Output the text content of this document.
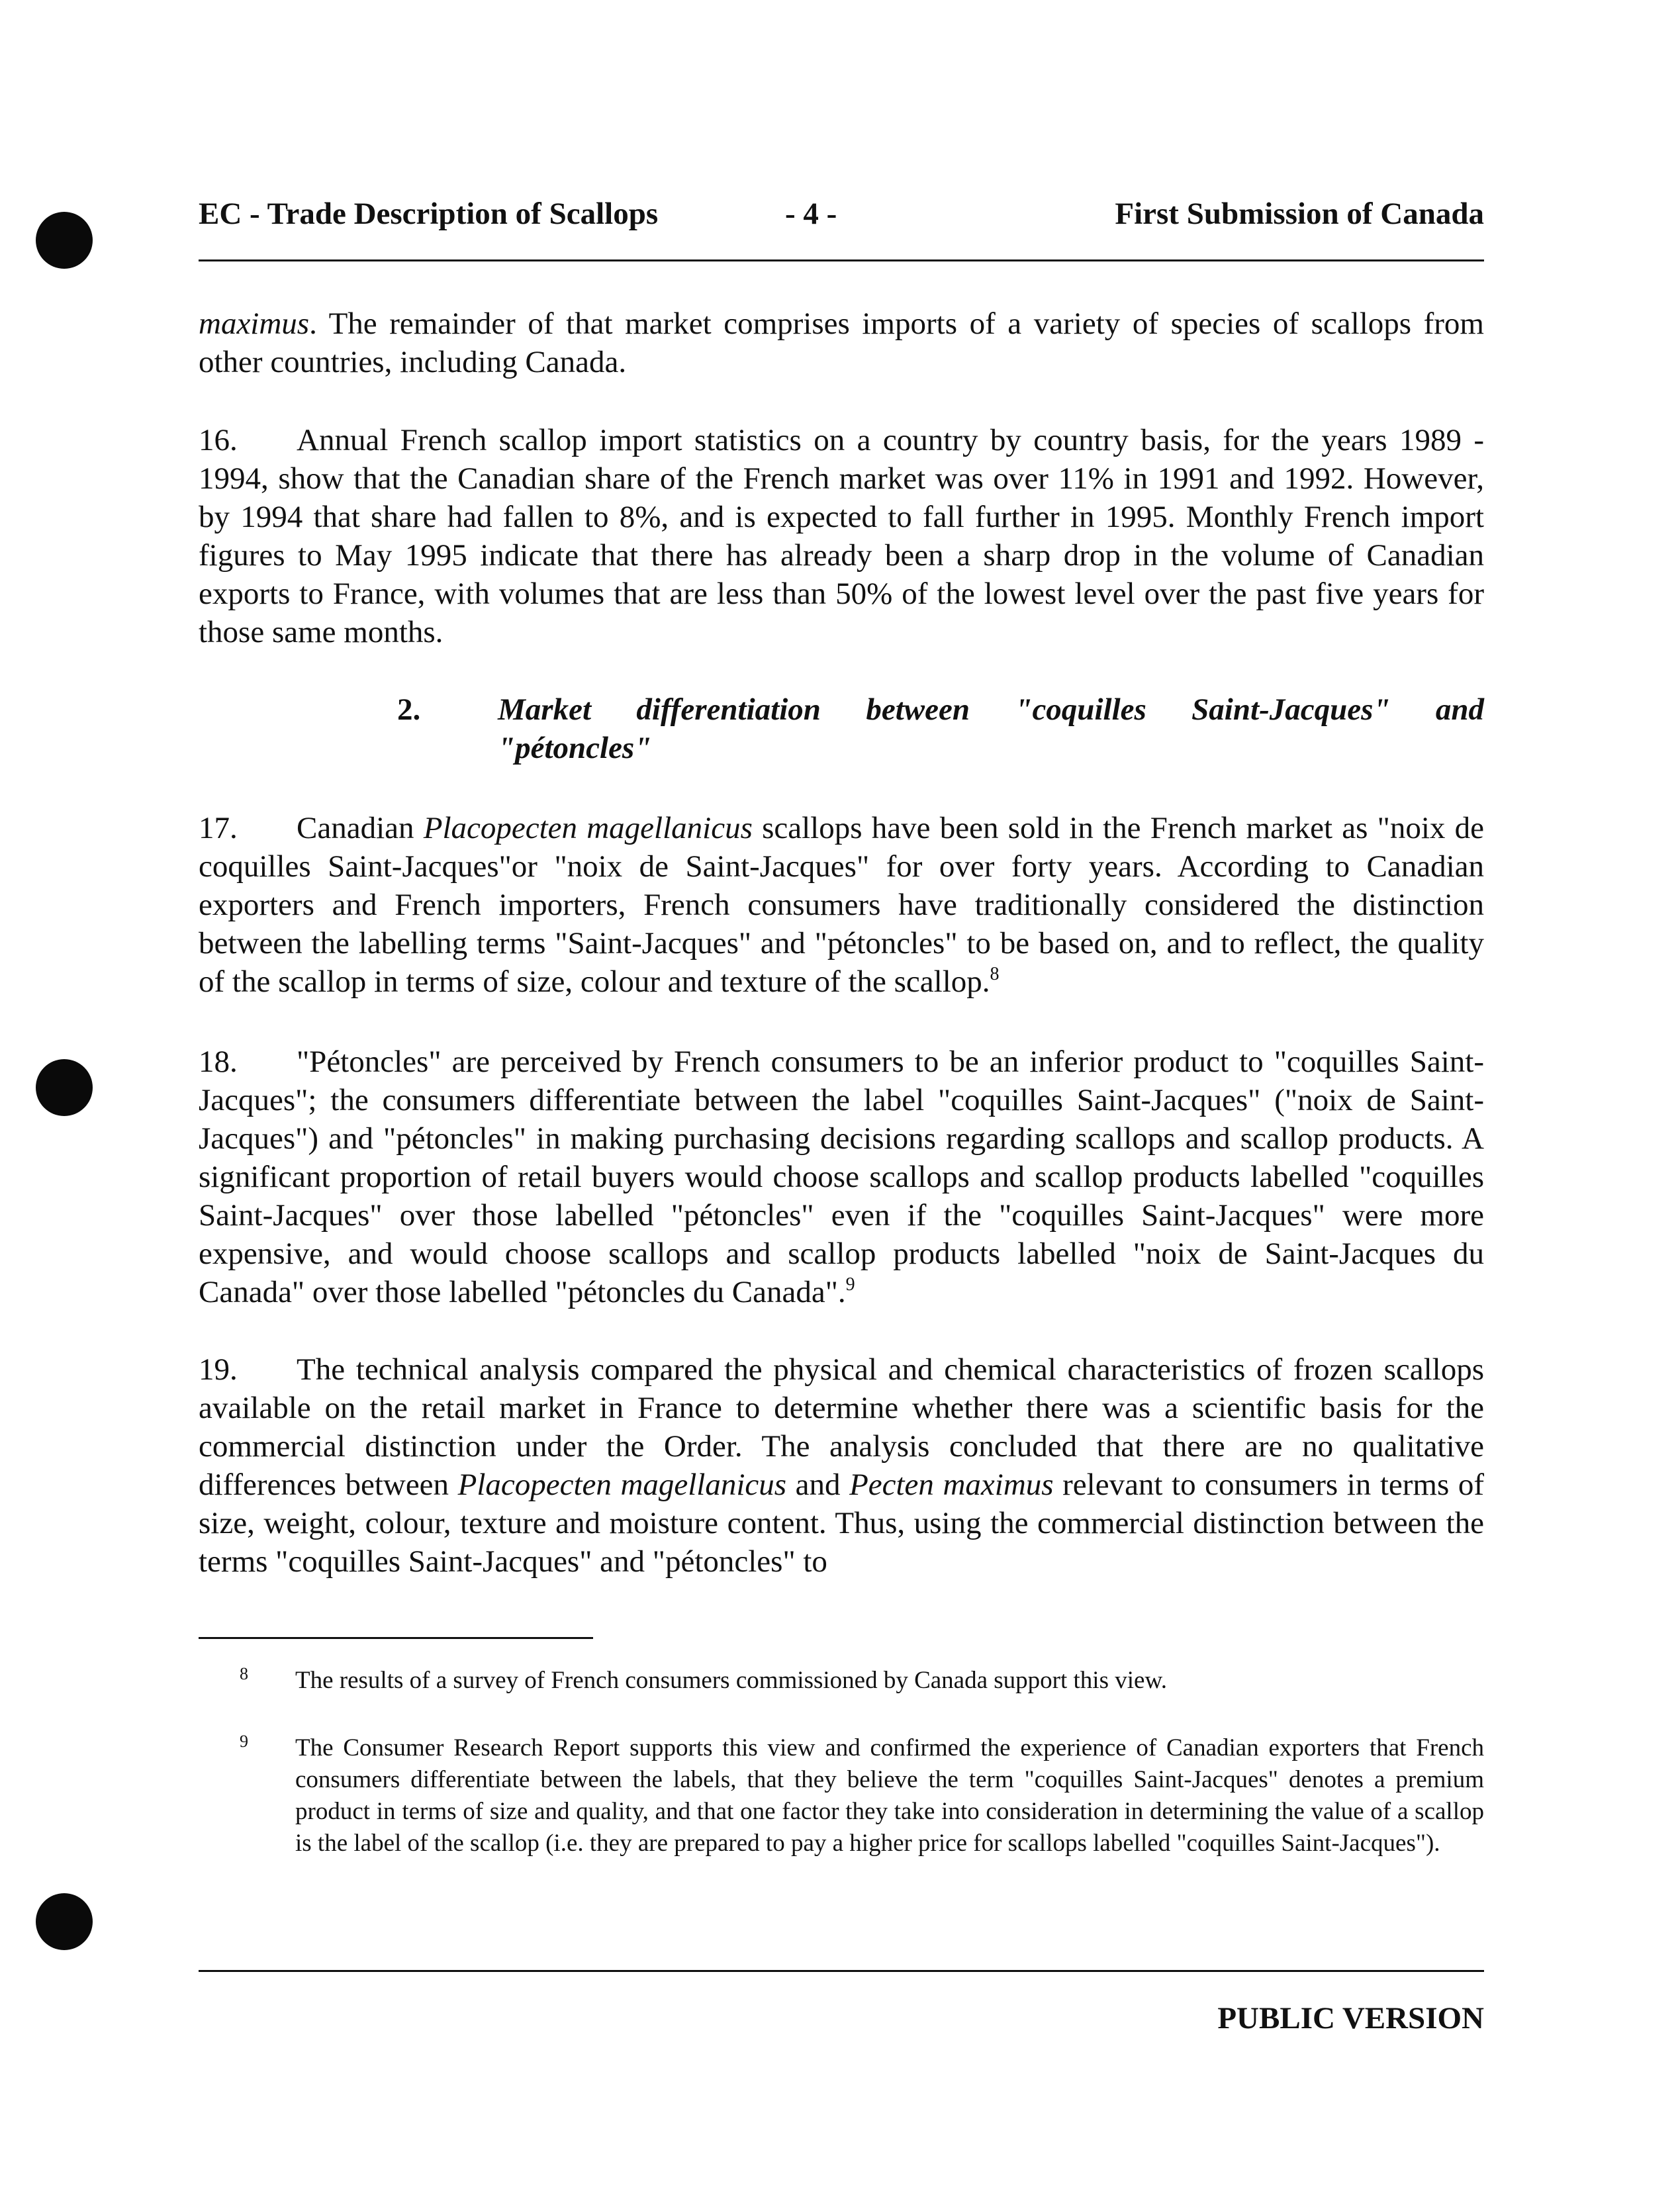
EC - Trade Description of Scallops	- 4 -	First Submission of Canada

maximus. The remainder of that market comprises imports of a variety of species of scallops from other countries, including Canada.

16. Annual French scallop import statistics on a country by country basis, for the years 1989 - 1994, show that the Canadian share of the French market was over 11% in 1991 and 1992. However, by 1994 that share had fallen to 8%, and is expected to fall further in 1995. Monthly French import figures to May 1995 indicate that there has already been a sharp drop in the volume of Canadian exports to France, with volumes that are less than 50% of the lowest level over the past five years for those same months.

2. Market differentiation between "coquilles Saint-Jacques" and
"pétoncles"

17. Canadian Placopecten magellanicus scallops have been sold in the French market as "noix de coquilles Saint-Jacques"or "noix de Saint-Jacques" for over forty years. According to Canadian exporters and French importers, French consumers have traditionally considered the distinction between the labelling terms "Saint-Jacques" and "pétoncles" to be based on, and to reflect, the quality of the scallop in terms of size, colour and texture of the scallop.$^8$

18. "Pétoncles" are perceived by French consumers to be an inferior product to "coquilles Saint-Jacques"; the consumers differentiate between the label "coquilles Saint-Jacques" ("noix de Saint-Jacques") and "pétoncles" in making purchasing decisions regarding scallops and scallop products. A significant proportion of retail buyers would choose scallops and scallop products labelled "coquilles Saint-Jacques" over those labelled "pétoncles" even if the "coquilles Saint-Jacques" were more expensive, and would choose scallops and scallop products labelled "noix de Saint-Jacques du Canada" over those labelled "pétoncles du Canada".$^9$

19. The technical analysis compared the physical and chemical characteristics of frozen scallops available on the retail market in France to determine whether there was a scientific basis for the commercial distinction under the Order. The analysis concluded that there are no qualitative differences between Placopecten magellanicus and Pecten maximus relevant to consumers in terms of size, weight, colour, texture and moisture content. Thus, using the commercial distinction between the terms "coquilles Saint-Jacques" and "pétoncles" to

8 The results of a survey of French consumers commissioned by Canada support this view.
9 The Consumer Research Report supports this view and confirmed the experience of Canadian exporters that French consumers differentiate between the labels, that they believe the term "coquilles Saint-Jacques" denotes a premium product in terms of size and quality, and that one factor they take into consideration in determining the value of a scallop is the label of the scallop (i.e. they are prepared to pay a higher price for scallops labelled "coquilles Saint-Jacques").
PUBLIC VERSION
